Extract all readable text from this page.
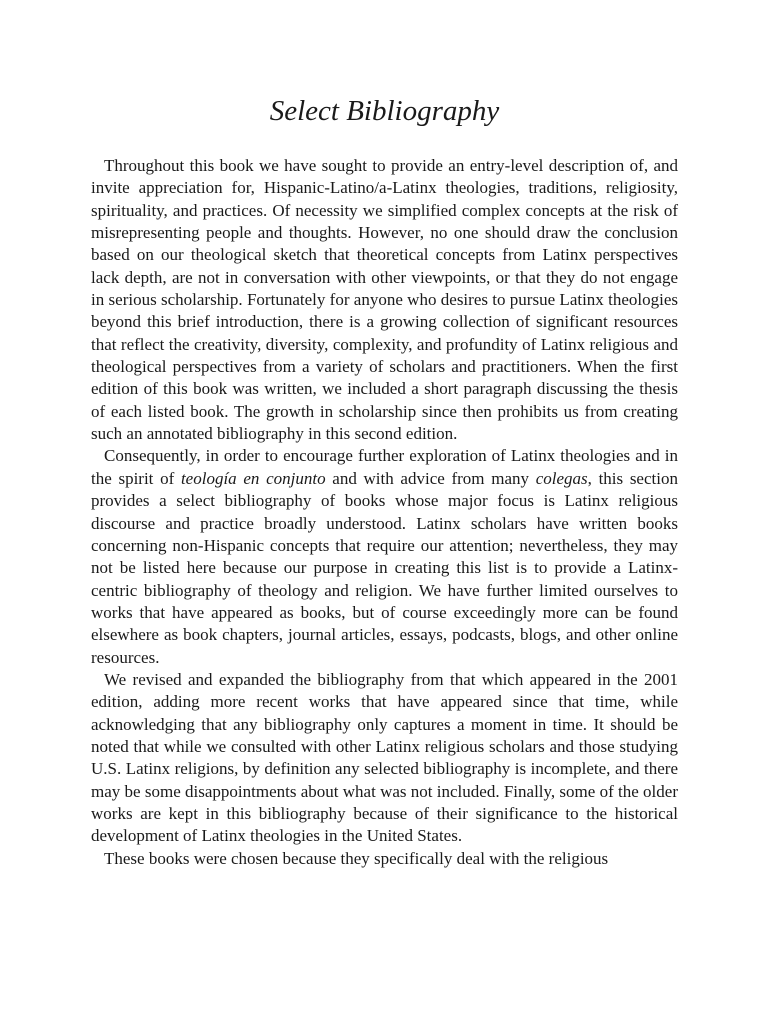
Select Bibliography

Throughout this book we have sought to provide an entry-level description of, and invite appreciation for, Hispanic-Latino/a-Latinx theologies, traditions, religiosity, spirituality, and practices. Of necessity we simplified complex concepts at the risk of misrepresenting people and thoughts. However, no one should draw the conclusion based on our theological sketch that theoretical concepts from Latinx perspectives lack depth, are not in conversation with other viewpoints, or that they do not engage in serious scholarship. Fortunately for anyone who desires to pursue Latinx theologies beyond this brief introduction, there is a growing collection of significant resources that reflect the creativity, diversity, complexity, and profundity of Latinx religious and theological perspectives from a variety of scholars and practitioners. When the first edition of this book was written, we included a short paragraph discussing the thesis of each listed book. The growth in scholarship since then prohibits us from creating such an annotated bibliography in this second edition.

Consequently, in order to encourage further exploration of Latinx theologies and in the spirit of teología en conjunto and with advice from many colegas, this section provides a select bibliography of books whose major focus is Latinx religious discourse and practice broadly understood. Latinx scholars have written books concerning non-Hispanic concepts that require our attention; nevertheless, they may not be listed here because our purpose in creating this list is to provide a Latinx-centric bibliography of theology and religion. We have further limited ourselves to works that have appeared as books, but of course exceedingly more can be found elsewhere as book chapters, journal articles, essays, podcasts, blogs, and other online resources.

We revised and expanded the bibliography from that which appeared in the 2001 edition, adding more recent works that have appeared since that time, while acknowledging that any bibliography only captures a moment in time. It should be noted that while we consulted with other Latinx religious scholars and those studying U.S. Latinx religions, by definition any selected bibliography is incomplete, and there may be some disappointments about what was not included. Finally, some of the older works are kept in this bibliography because of their significance to the historical development of Latinx theologies in the United States.

These books were chosen because they specifically deal with the religious
